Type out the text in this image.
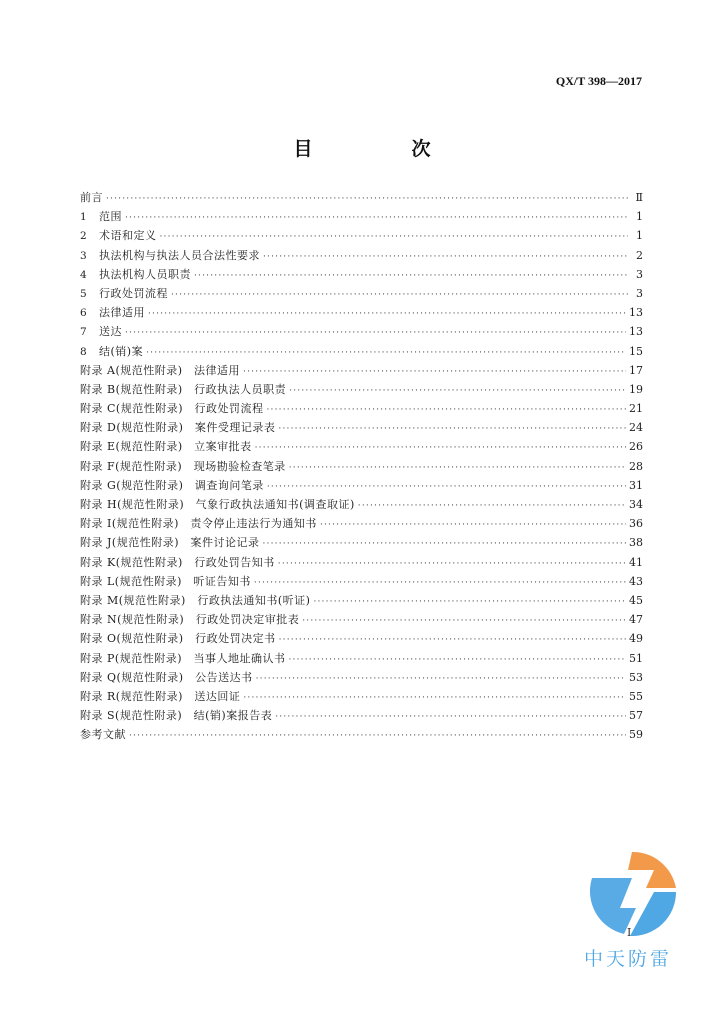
QX/T 398—2017
目　次
前言 ·····	Ⅱ
1	范围 ·····	1
2	术语和定义 ·····	1
3	执法机构与执法人员合法性要求 ·····	2
4	执法机构人员职责 ·····	3
5	行政处罚流程 ·····	3
6	法律适用 ·····	13
7	送达 ·····	13
8	结(销)案 ·····	15
附录 A(规范性附录)　法律适用 ·····	17
附录 B(规范性附录)　行政执法人员职责 ·····	19
附录 C(规范性附录)　行政处罚流程 ·····	21
附录 D(规范性附录)　案件受理记录表 ·····	24
附录 E(规范性附录)　立案审批表 ·····	26
附录 F(规范性附录)　现场勘验检查笔录 ·····	28
附录 G(规范性附录)　调查询问笔录 ·····	31
附录 H(规范性附录)　气象行政执法通知书(调查取证) ·····	34
附录 I(规范性附录)　责令停止违法行为通知书 ·····	36
附录 J(规范性附录)　案件讨论记录 ·····	38
附录 K(规范性附录)　行政处罚告知书 ·····	41
附录 L(规范性附录)　听证告知书 ·····	43
附录 M(规范性附录)　行政执法通知书(听证) ·····	45
附录 N(规范性附录)　行政处罚决定审批表 ·····	47
附录 O(规范性附录)　行政处罚决定书 ·····	49
附录 P(规范性附录)　当事人地址确认书 ·····	51
附录 Q(规范性附录)　公告送达书 ·····	53
附录 R(规范性附录)　送达回证 ·····	55
附录 S(规范性附录)　结(销)案报告表 ·····	57
参考文献 ·····	59
I
中天防雷
